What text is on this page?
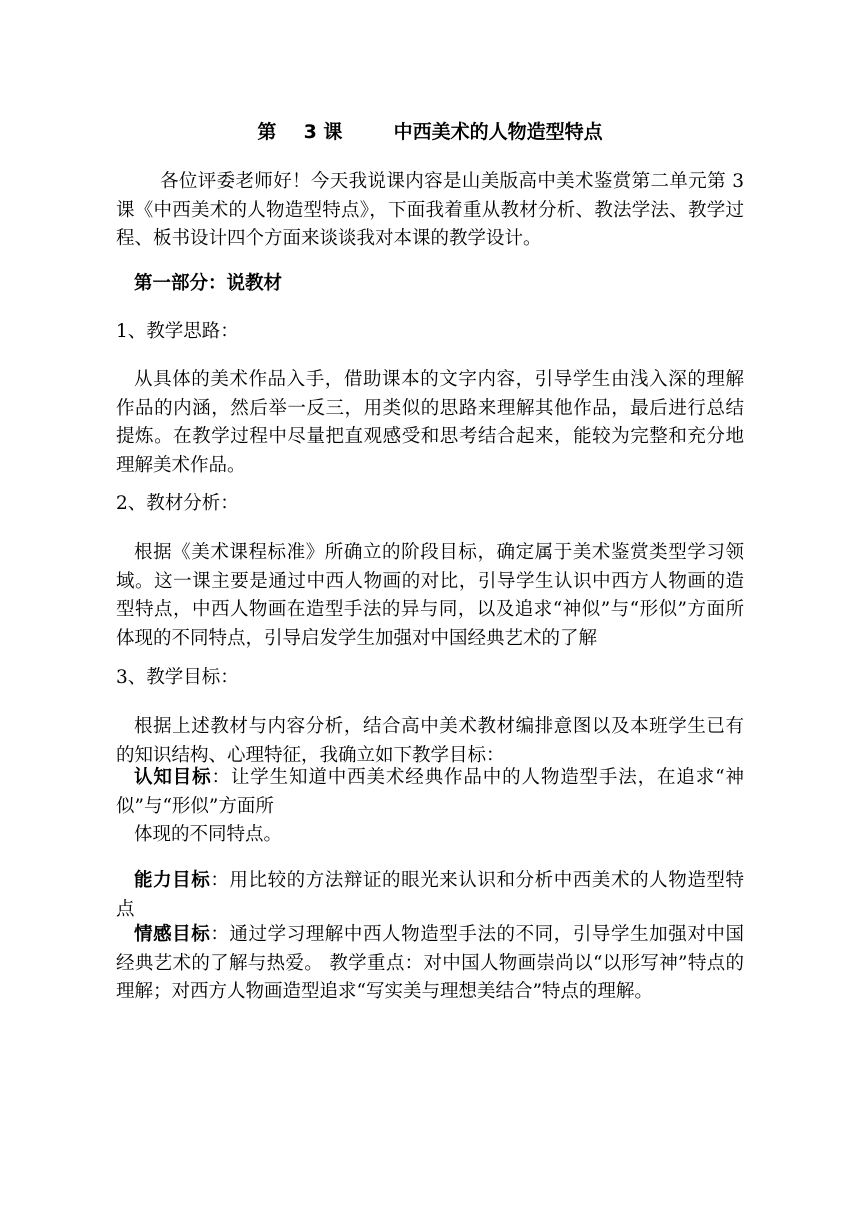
第 3 课	中西美术的人物造型特点
各位评委老师好！今天我说课内容是山美版高中美术鉴赏第二单元第 3 课《中西美术的人物造型特点》，下面我着重从教材分析、教法学法、教学过程、板书设计四个方面来谈谈我对本课的教学设计。
第一部分：说教材
1、教学思路：
从具体的美术作品入手，借助课本的文字内容，引导学生由浅入深的理解作品的内涵，然后举一反三，用类似的思路来理解其他作品，最后进行总结提炼。在教学过程中尽量把直观感受和思考结合起来，能较为完整和充分地理解美术作品。
2、教材分析：
根据《美术课程标准》所确立的阶段目标，确定属于美术鉴赏类型学习领域。这一课主要是通过中西人物画的对比，引导学生认识中西方人物画的造型特点，中西人物画在造型手法的异与同，以及追求“神似”与“形似”方面所体现的不同特点，引导启发学生加强对中国经典艺术的了解
3、教学目标：
根据上述教材与内容分析，结合高中美术教材编排意图以及本班学生已有的知识结构、心理特征，我确立如下教学目标：
认知目标：让学生知道中西美术经典作品中的人物造型手法，在追求“神似”与“形似”方面所
体现的不同特点。
能力目标：用比较的方法辩证的眼光来认识和分析中西美术的人物造型特点
情感目标：通过学习理解中西人物造型手法的不同，引导学生加强对中国经典艺术的了解与热爱。 教学重点：对中国人物画崇尚以“以形写神”特点的理解；对西方人物画造型追求“写实美与理想美结合”特点的理解。
